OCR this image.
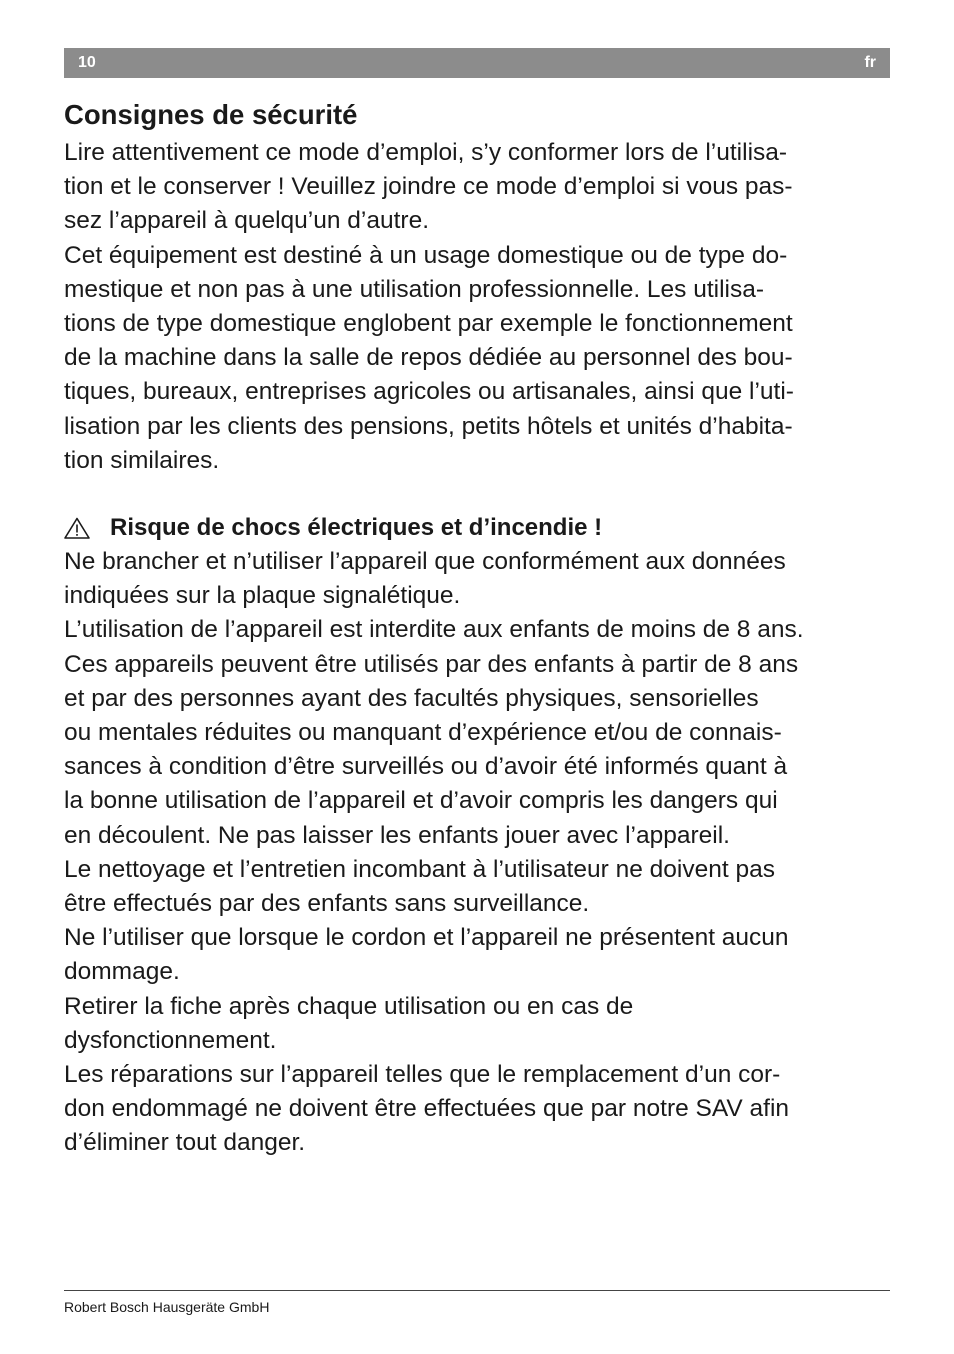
10	fr
Consignes de sécurité

Lire attentivement ce mode d’emploi, s’y conformer lors de l’utilisa-

tion et le conserver ! Veuillez joindre ce mode d’emploi si vous pas-

sez l’appareil à quelqu’un d’autre.

Cet équipement est destiné à un usage domestique ou de type do-

mestique et non pas à une utilisation professionnelle. Les utilisa-

tions de type domestique englobent par exemple le fonctionnement

de la machine dans la salle de repos dédiée au personnel des bou-

tiques, bureaux, entreprises agricoles ou artisanales, ainsi que l’uti-

lisation par les clients des pensions, petits hôtels et unités d’habita-

tion similaires.

Risque de chocs électriques et d’incendie !

Ne brancher et n’utiliser l’appareil que conformément aux données

indiquées sur la plaque signalétique.

L’utilisation de l’appareil est interdite aux enfants de moins de 8 ans.

Ces appareils peuvent être utilisés par des enfants à partir de 8 ans

et par des personnes ayant des facultés physiques, sensorielles

ou mentales réduites ou manquant d’expérience et/ou de connais-

sances à condition d’être surveillés ou d’avoir été informés quant à

la bonne utilisation de l’appareil et d’avoir compris les dangers qui

en découlent. Ne pas laisser les enfants jouer avec l’appareil.

Le nettoyage et l’entretien incombant à l’utilisateur ne doivent pas

être effectués par des enfants sans surveillance.

Ne l’utiliser que lorsque le cordon et l’appareil ne présentent aucun

dommage.

Retirer la fiche après chaque utilisation ou en cas de

dysfonctionnement.

Les réparations sur l’appareil telles que le remplacement d’un cor-

don endommagé ne doivent être effectuées que par notre SAV afin

d’éliminer tout danger.

Robert Bosch Hausgeräte GmbH
